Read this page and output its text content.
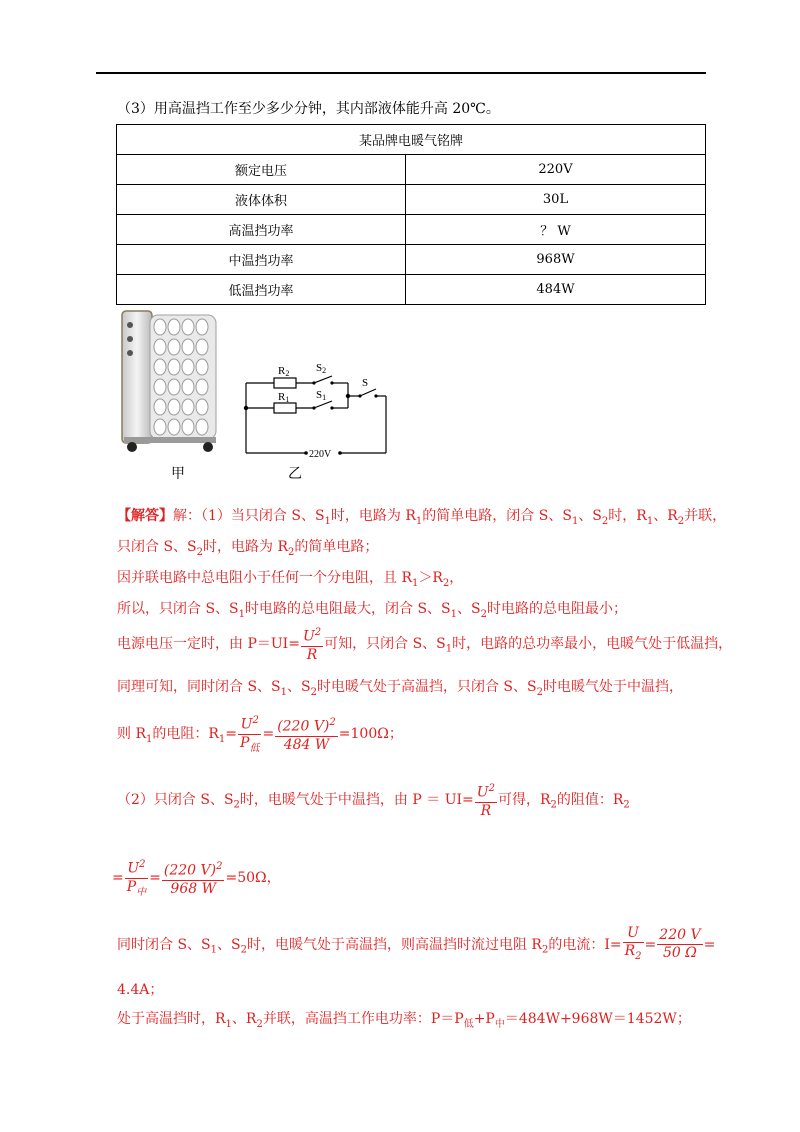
（3）用高温挡工作至少多少分钟，其内部液体能升高 20℃。
某品牌电暖气铭牌	
额定电压	220V
液体体积	30L
高温挡功率	？ W
中温挡功率	968W
低温挡功率	484W
甲
R2 S2
R1 S1
S
220V
乙
【解答】解：（1）当只闭合 S、$S_1$时，电路为 $R_1$的简单电路，闭合 S、$S_1$、$S_2$时，$R_1$、$R_2$并联，
只闭合 S、$S_2$时，电路为 $R_2$的简单电路；
因并联电路中总电阻小于任何一个分电阻，且 $R_1>R_2$，
所以，只闭合 S、$S_1$时电路的总电阻最大，闭合 S、$S_1$、$S_2$时电路的总电阻最小；
电源电压一定时，由 $P=UI= \frac{U^2}{R}$ 可知，只闭合 S、$S_1$时，电路的总功率最小，电暖气处于低温挡，
同理可知，同时闭合 S、$S_1$、$S_2$时电暖气处于高温挡，只闭合 S、$S_2$时电暖气处于中温挡，
则 $R_1$的电阻：$R_1= \frac{U^2}{P_低} = \frac{(220 V)^2}{484 W} =100\Omega$；
（2）只闭合 S、$S_2$时，电暖气处于中温挡，由 $P = UI= \frac{U^2}{R}$ 可得，$R_2$的阻值：$R_2$
= $\frac{U^2}{P_中} = \frac{(220 V)^2}{968 W} =50\Omega$，
同时闭合 S、$S_1$、$S_2$时，电暖气处于高温挡，则高温挡时流过电阻 $R_2$的电流：$I= \frac{U}{R_2} = \frac{220 V}{50 \Omega}$ =
4.4A；
处于高温挡时，$R_1$、$R_2$并联，高温挡工作电功率：$P=P_低+P_中=484W+968W=1452W$；
